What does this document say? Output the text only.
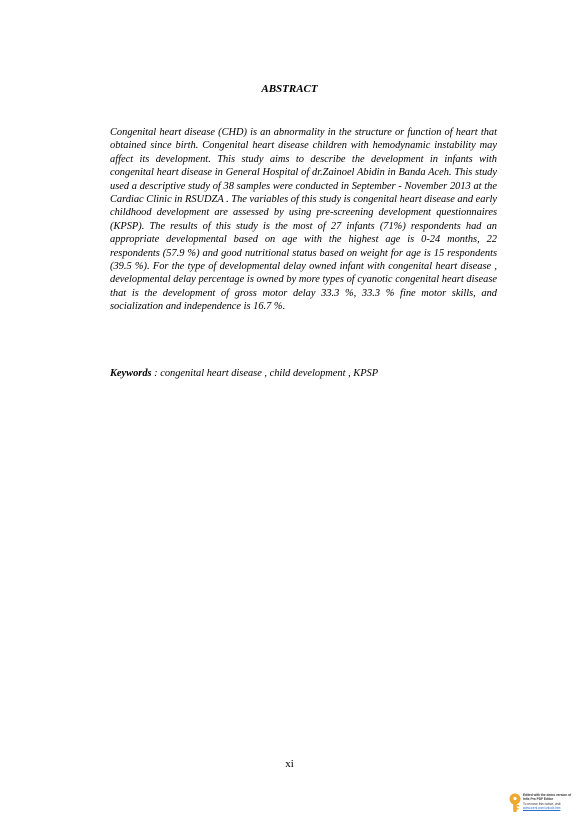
ABSTRACT

Congenital heart disease (CHD) is an abnormality in the structure or function of heart that obtained since birth. Congenital heart disease children with hemodynamic instability may affect its development. This study aims to describe the development in infants with congenital heart disease in General Hospital of dr.Zainoel Abidin in Banda Aceh. This study used a descriptive study of 38 samples were conducted in September - November 2013 at the Cardiac Clinic in RSUDZA . The variables of this study is congenital heart disease and early childhood development are assessed by using pre-screening development questionnaires (KPSP). The results of this study is the most of 27 infants (71%) respondents had an appropriate developmental based on age with the highest age is 0-24 months, 22 respondents (57.9 %) and good nutritional status based on weight for age is 15 respondents (39.5 %). For the type of developmental delay owned infant with congenital heart disease , developmental delay percentage is owned by more types of cyanotic congenital heart disease that is the development of gross motor delay 33.3 %, 33.3 % fine motor skills, and socialization and independence is 16.7 %.

Keywords : congenital heart disease , child development , KPSP

xi
Edited with the demo version of
Infix Pro PDF Editor
To remove this notice, visit:
www.iceni.com/unlock.htm
